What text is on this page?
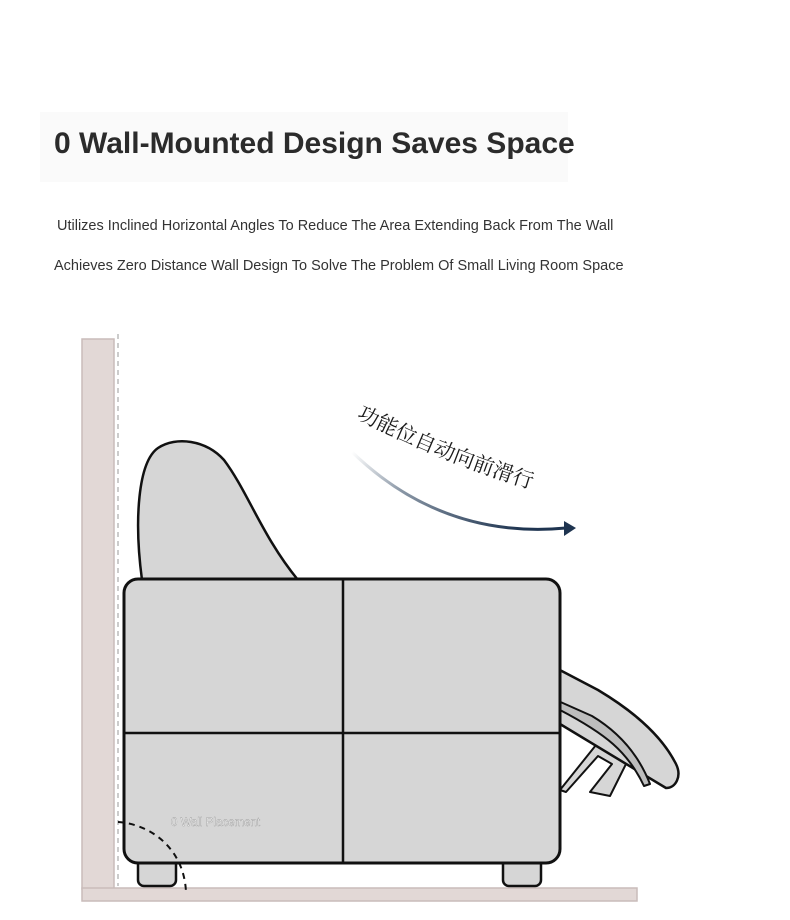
0 Wall-Mounted Design Saves Space

Utilizes Inclined Horizontal Angles To Reduce The Area Extending Back From The Wall

Achieves Zero Distance Wall Design To Solve The Problem Of Small Living Room Space

0 Wall Placement
功能位自动向前滑行
